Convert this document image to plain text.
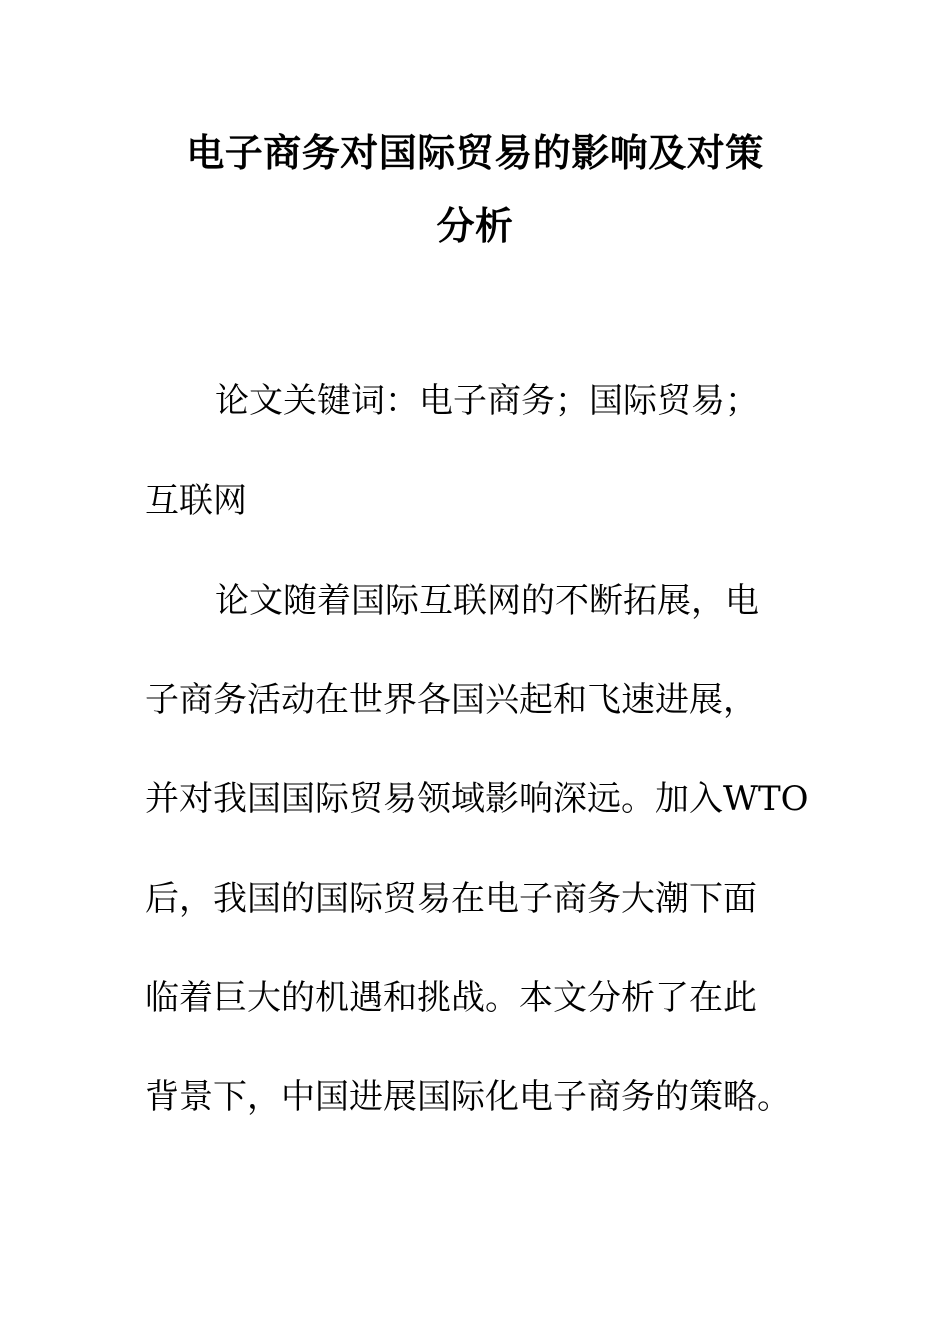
电子商务对国际贸易的影响及对策
分析
论文关键词：电子商务；国际贸易；
互联网
论文随着国际互联网的不断拓展，电
子商务活动在世界各国兴起和飞速进展，
并对我国国际贸易领域影响深远。加入WTO
后，我国的国际贸易在电子商务大潮下面
临着巨大的机遇和挑战。本文分析了在此
背景下，中国进展国际化电子商务的策略。
